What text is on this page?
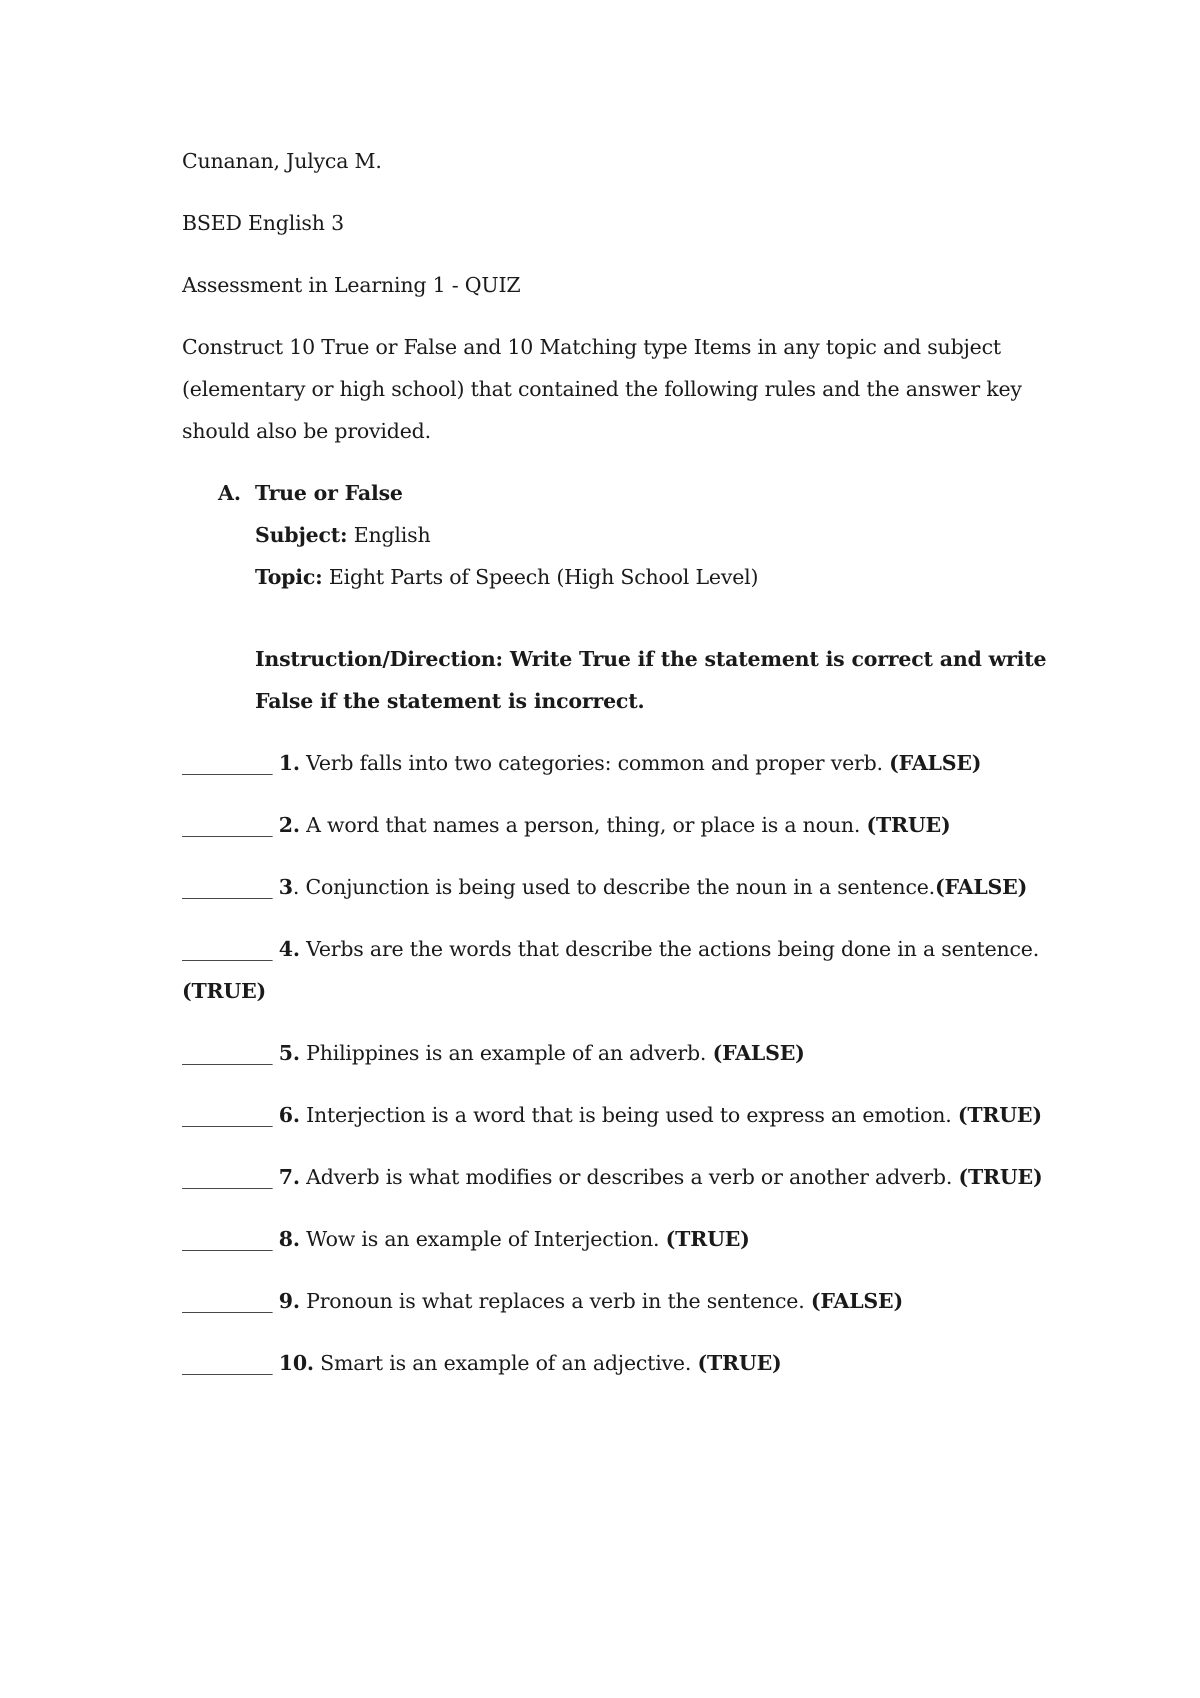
Cunanan, Julyca M.
BSED English 3
Assessment in Learning 1 - QUIZ
Construct 10 True or False and 10 Matching type Items in any topic and subject
(elementary or high school) that contained the following rules and the answer key
should also be provided.
A. True or False
Subject: English
Topic: Eight Parts of Speech (High School Level)
Instruction/Direction: Write True if the statement is correct and write
False if the statement is incorrect.
_________ 1. Verb falls into two categories: common and proper verb. (FALSE)
_________ 2. A word that names a person, thing, or place is a noun. (TRUE)
_________ 3. Conjunction is being used to describe the noun in a sentence.(FALSE)
_________ 4. Verbs are the words that describe the actions being done in a sentence.
(TRUE)
_________ 5. Philippines is an example of an adverb. (FALSE)
_________ 6. Interjection is a word that is being used to express an emotion. (TRUE)
_________ 7. Adverb is what modifies or describes a verb or another adverb. (TRUE)
_________ 8. Wow is an example of Interjection. (TRUE)
_________ 9. Pronoun is what replaces a verb in the sentence. (FALSE)
_________ 10. Smart is an example of an adjective. (TRUE)
